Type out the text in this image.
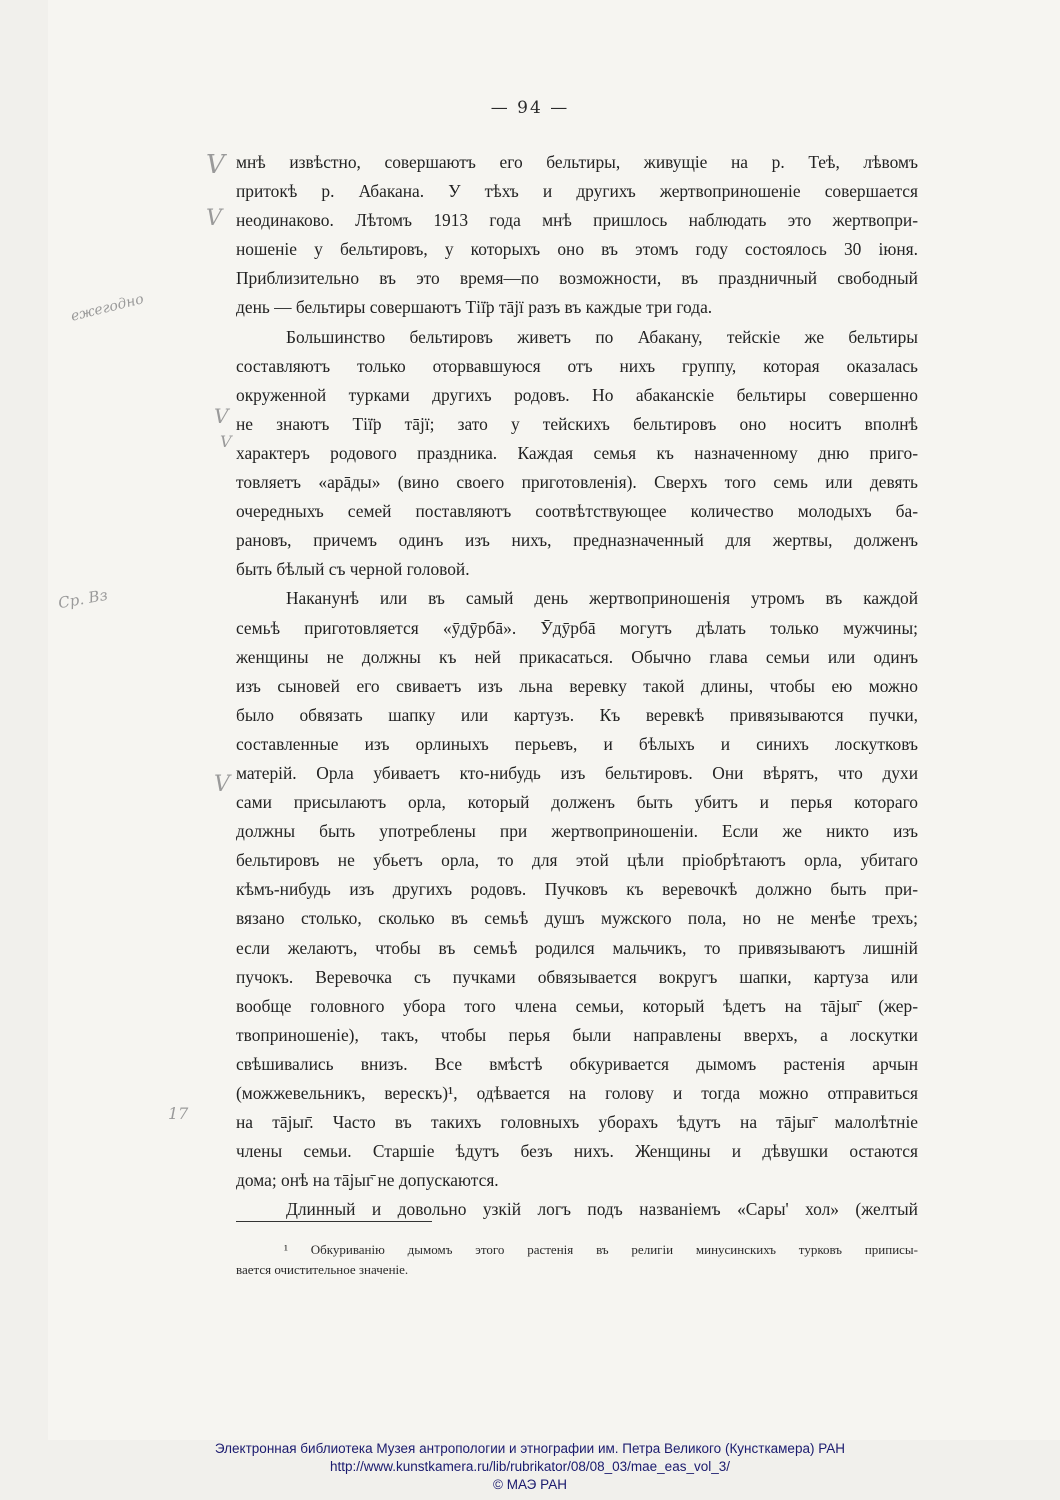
— 94 —
V
V
ежегодно
V
V
Ср. Вз
V
17
мнѣ извѣстно, совершаютъ его бельтиры, живущіе на р. Теѣ, лѣвомъ
притокѣ р. Абакана. У тѣхъ и другихъ жертвоприношеніе совершается
неодинаково. Лѣтомъ 1913 года мнѣ пришлось наблюдать это жертвопри-
ношеніе у бельтировъ, у которыхъ оно въ этомъ году состоялось 30 іюня.
Приблизительно въ это время—по возможности, въ праздничный свободный
день — бельтиры совершаютъ Тії̈р тājï разъ въ каждые три года.
Большинство бельтировъ живетъ по Абакану, тейскіе же бельтиры
составляютъ только оторвавшуюся отъ нихъ группу, которая оказалась
окруженной турками другихъ родовъ. Но абаканскіе бельтиры совершенно
не знаютъ Тії̈р тājï; зато у тейскихъ бельтировъ оно носитъ вполнѣ
характеръ родового праздника. Каждая семья къ назначенному дню приго-
товляетъ «арāды» (вино своего приготовленія). Сверхъ того семь или девять
очередныхъ семей поставляютъ соотвѣтствующее количество молодыхъ ба-
рановъ, причемъ одинъ изъ нихъ, предназначенный для жертвы, долженъ
быть бѣлый съ черной головой.
Наканунѣ или въ самый день жертвоприношенія утромъ въ каждой
семьѣ приготовляется «ӯдӯрбā». Ӯдӯрбā могутъ дѣлать только мужчины;
женщины не должны къ ней прикасаться. Обычно глава семьи или одинъ
изъ сыновей его свиваетъ изъ льна веревку такой длины, чтобы ею можно
было обвязать шапку или картузъ. Къ веревкѣ привязываются пучки,
составленные изъ орлиныхъ перьевъ, и бѣлыхъ и синихъ лоскутковъ
матерій. Орла убиваетъ кто-нибудь изъ бельтировъ. Они вѣрятъ, что духи
сами присылаютъ орла, который долженъ быть убитъ и перья котораго
должны быть употреблены при жертвоприношеніи. Если же никто изъ
бельтировъ не убьетъ орла, то для этой цѣли пріобрѣтаютъ орла, убитаго
кѣмъ-нибудь изъ другихъ родовъ. Пучковъ къ веревочкѣ должно быть при-
вязано столько, сколько въ семьѣ душъ мужского пола, но не менѣе трехъ;
если желаютъ, чтобы въ семьѣ родился мальчикъ, то привязываютъ лишній
пучокъ. Веревочка съ пучками обвязывается вокругъ шапки, картуза или
вообще головного убора того члена семьи, который ѣдетъ на тājыг̄ (жер-
твоприношеніе), такъ, чтобы перья были направлены вверхъ, а лоскутки
свѣшивались внизъ. Все вмѣстѣ обкуривается дымомъ растенія арчын
(можжевельникъ, верескъ)¹, одѣвается на голову и тогда можно отправиться
на тājыг̄. Часто въ такихъ головныхъ уборахъ ѣдутъ на тājыг̄ малолѣтніе
члены семьи. Старшіе ѣдутъ безъ нихъ. Женщины и дѣвушки остаются
дома; онѣ на тājыг̄ не допускаются.
Длинный и довольно узкій логъ подъ названіемъ «Сары' хол» (желтый
¹ Обкуриванію дымомъ этого растенія въ религіи минусинскихъ турковъ приписы-
вается очистительное значеніе.
Электронная библиотека Музея антропологии и этнографии им. Петра Великого (Кунсткамера) РАН
http://www.kunstkamera.ru/lib/rubrikator/08/08_03/mae_eas_vol_3/
© МАЭ РАН
